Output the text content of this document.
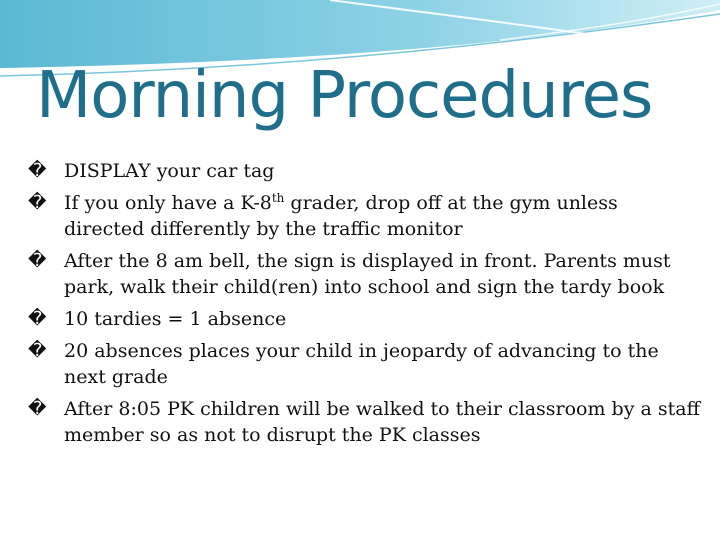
Morning Procedures
� DISPLAY your car tag
� If you only have a K-8th grader, drop off at the gym unless directed differently by the traffic monitor
� After the 8 am bell, the sign is displayed in front. Parents must park, walk their child(ren) into school and sign the tardy book
� 10 tardies = 1 absence
� 20 absences places your child in jeopardy of advancing to the next grade
� After 8:05 PK children will be walked to their classroom by a staff member so as not to disrupt the PK classes
